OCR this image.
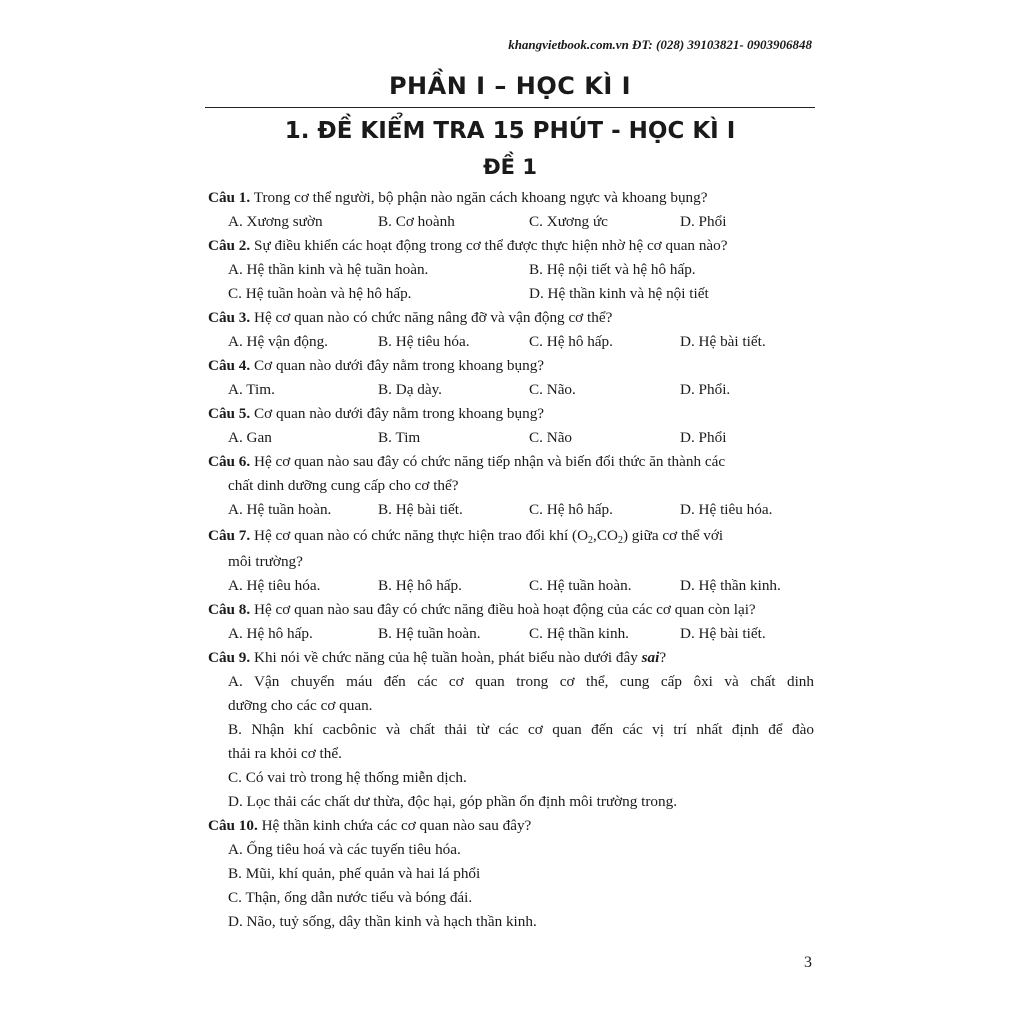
khangvietbook.com.vn ĐT: (028) 39103821- 0903906848
PHẦN I – HỌC KÌ I
1. ĐỀ KIỂM TRA 15 PHÚT - HỌC KÌ I
ĐỀ 1
Câu 1. Trong cơ thể người, bộ phận nào ngăn cách khoang ngực và khoang bụng?
A. Xương sườn	B. Cơ hoành	C. Xương ức	D. Phổi
Câu 2. Sự điều khiển các hoạt động trong cơ thể được thực hiện nhờ hệ cơ quan nào?
A. Hệ thần kinh và hệ tuần hoàn.	B. Hệ nội tiết và hệ hô hấp.
C. Hệ tuần hoàn và hệ hô hấp.	D. Hệ thần kinh và hệ nội tiết
Câu 3. Hệ cơ quan nào có chức năng nâng đỡ và vận động cơ thể?
A. Hệ vận động.	B. Hệ tiêu hóa.	C. Hệ hô hấp.	D. Hệ bài tiết.
Câu 4. Cơ quan nào dưới đây nằm trong khoang bụng?
A. Tim.	B. Dạ dày.	C. Não.	D. Phổi.
Câu 5. Cơ quan nào dưới đây nằm trong khoang bụng?
A. Gan	B. Tim	C. Não	D. Phổi
Câu 6. Hệ cơ quan nào sau đây có chức năng tiếp nhận và biến đổi thức ăn thành các
chất dinh dưỡng cung cấp cho cơ thể?
A. Hệ tuần hoàn.	B. Hệ bài tiết.	C. Hệ hô hấp.	D. Hệ tiêu hóa.
Câu 7. Hệ cơ quan nào có chức năng thực hiện trao đổi khí $(O_2,CO_2)$ giữa cơ thể với
môi trường?
A. Hệ tiêu hóa.	B. Hệ hô hấp.	C. Hệ tuần hoàn.	D. Hệ thần kinh.
Câu 8. Hệ cơ quan nào sau đây có chức năng điều hoà hoạt động của các cơ quan còn lại?
A. Hệ hô hấp.	B. Hệ tuần hoàn.	C. Hệ thần kinh.	D. Hệ bài tiết.
Câu 9. Khi nói về chức năng của hệ tuần hoàn, phát biểu nào dưới đây sai?
A. Vận chuyển máu đến các cơ quan trong cơ thể, cung cấp ôxi và chất dinh
dưỡng cho các cơ quan.
B. Nhận khí cacbônic và chất thải từ các cơ quan đến các vị trí nhất định để đào
thải ra khỏi cơ thể.
C. Có vai trò trong hệ thống miễn dịch.
D. Lọc thải các chất dư thừa, độc hại, góp phần ổn định môi trường trong.
Câu 10. Hệ thần kinh chứa các cơ quan nào sau đây?
A. Ống tiêu hoá và các tuyến tiêu hóa.
B. Mũi, khí quản, phế quản và hai lá phổi
C. Thận, ống dẫn nước tiểu và bóng đái.
D. Não, tuỷ sống, dây thần kinh và hạch thần kinh.
3
